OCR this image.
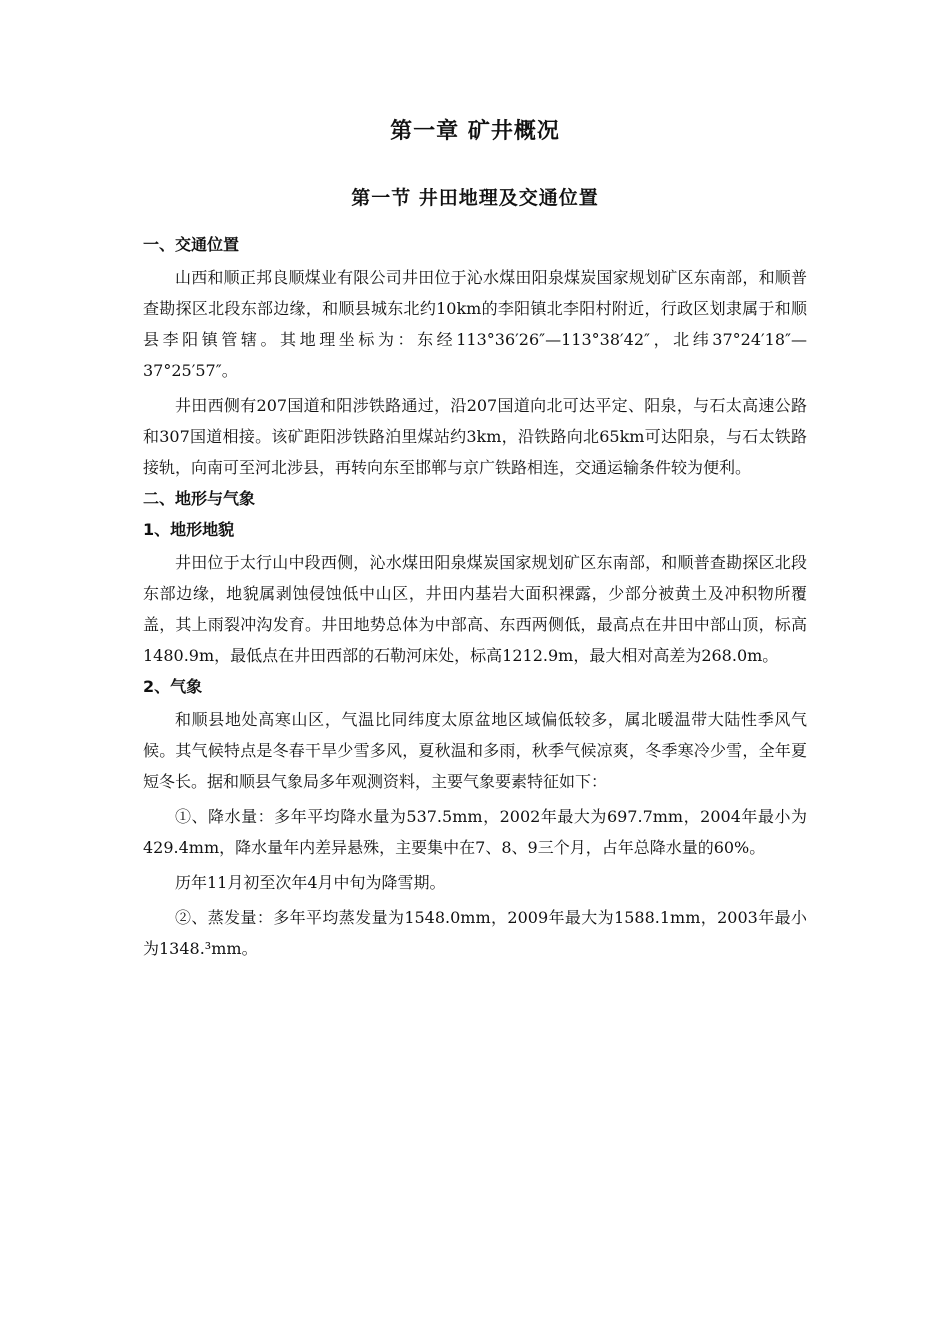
第一章 矿井概况
第一节 井田地理及交通位置
一、交通位置

山西和顺正邦良顺煤业有限公司井田位于沁水煤田阳泉煤炭国家规划矿区东南部，和顺普查勘探区北段东部边缘，和顺县城东北约10km的李阳镇北李阳村附近，行政区划隶属于和顺县李阳镇管辖。其地理坐标为：东经113°36′26″—113°38′42″，北纬37°24′18″—37°25′57″。

井田西侧有207国道和阳涉铁路通过，沿207国道向北可达平定、阳泉，与石太高速公路和307国道相接。该矿距阳涉铁路泊里煤站约3km，沿铁路向北65km可达阳泉，与石太铁路接轨，向南可至河北涉县，再转向东至邯郸与京广铁路相连，交通运输条件较为便利。

二、地形与气象
1、地形地貌

井田位于太行山中段西侧，沁水煤田阳泉煤炭国家规划矿区东南部，和顺普查勘探区北段东部边缘，地貌属剥蚀侵蚀低中山区，井田内基岩大面积裸露，少部分被黄土及冲积物所覆盖，其上雨裂冲沟发育。井田地势总体为中部高、东西两侧低，最高点在井田中部山顶，标高1480.9m，最低点在井田西部的石勒河床处，标高1212.9m，最大相对高差为268.0m。

2、气象

和顺县地处高寒山区，气温比同纬度太原盆地区域偏低较多，属北暖温带大陆性季风气候。其气候特点是冬春干旱少雪多风，夏秋温和多雨，秋季气候凉爽，冬季寒冷少雪，全年夏短冬长。据和顺县气象局多年观测资料，主要气象要素特征如下：

①、降水量：多年平均降水量为537.5mm，2002年最大为697.7mm，2004年最小为429.4mm，降水量年内差异悬殊，主要集中在7、8、9三个月，占年总降水量的60%。

历年11月初至次年4月中旬为降雪期。

②、蒸发量：多年平均蒸发量为1548.0mm，2009年最大为1588.1mm，2003年最小为1348.³mm。
